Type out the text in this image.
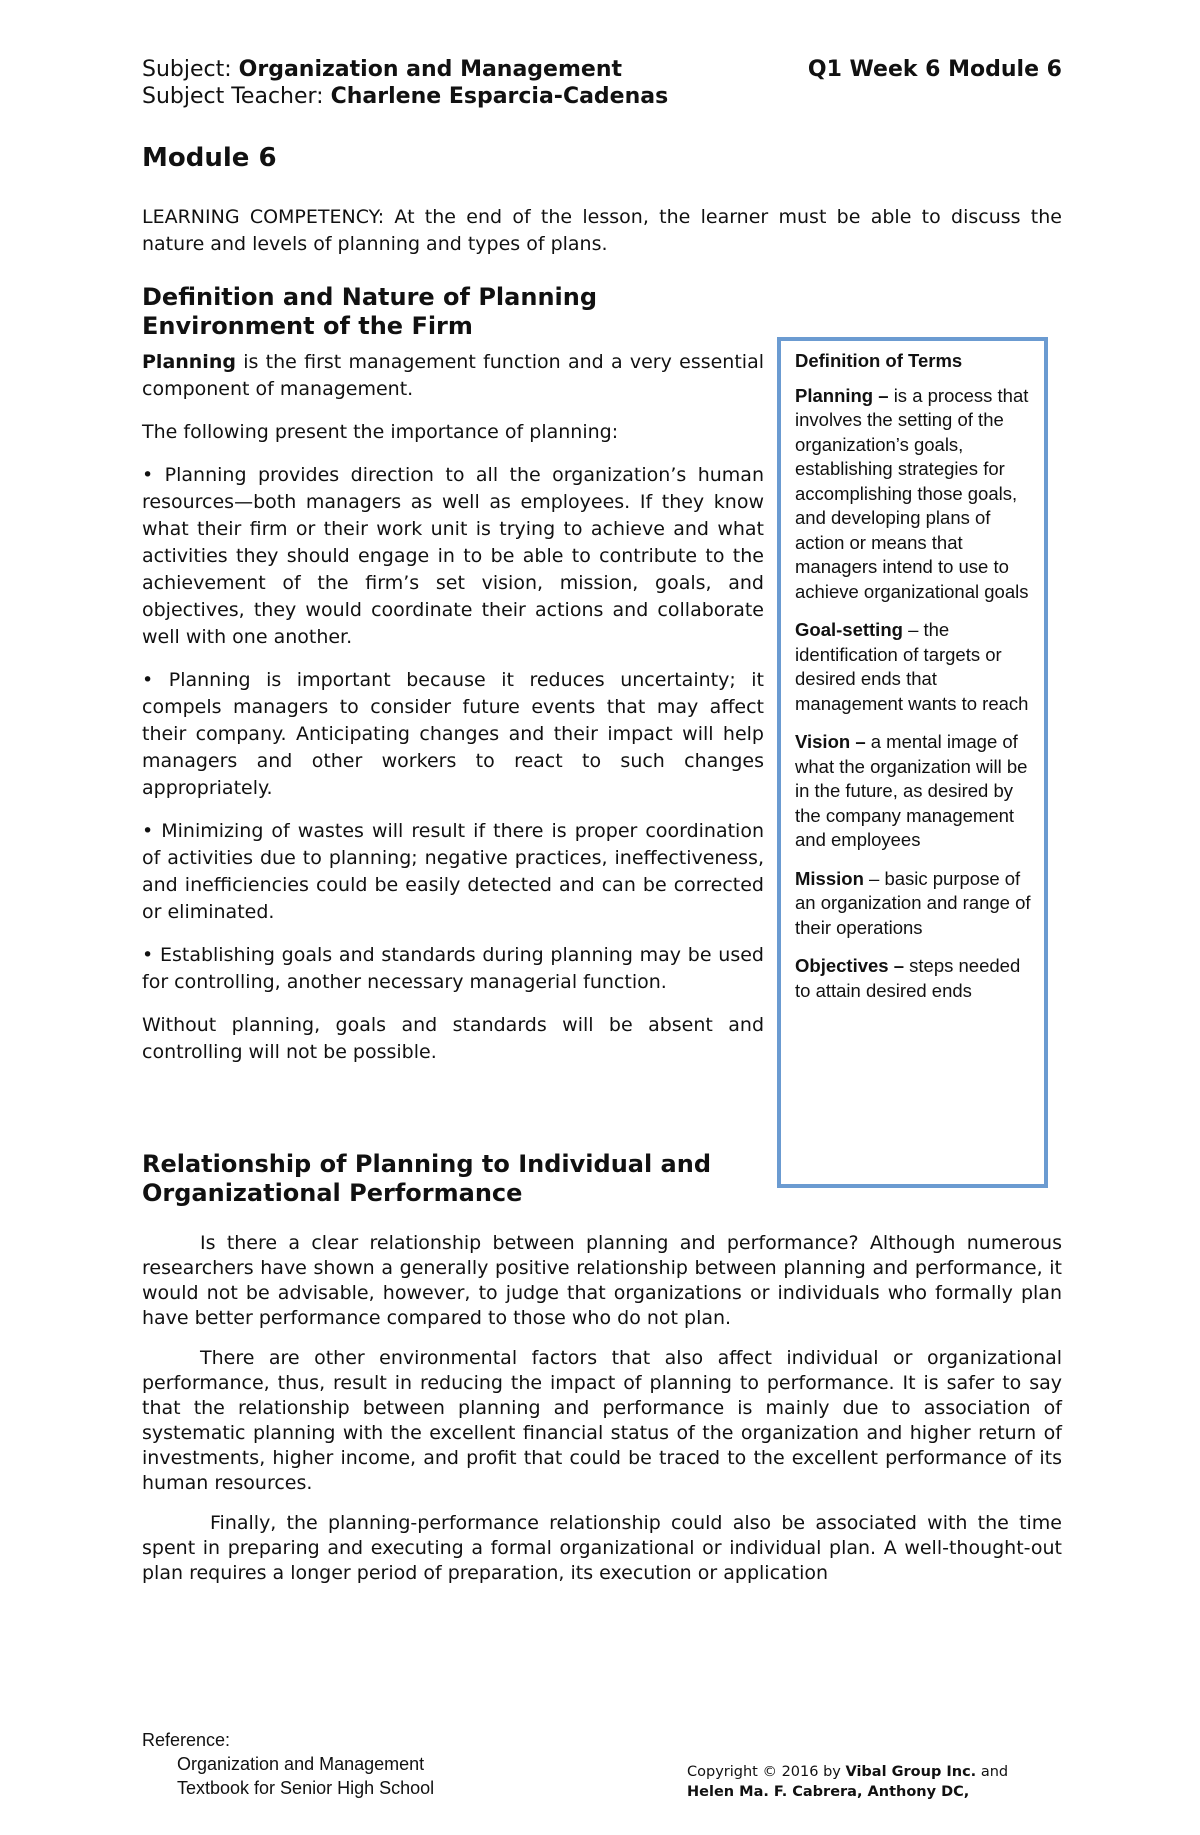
Subject: Organization and Management
Subject Teacher: Charlene Esparcia-Cadenas
Q1 Week 6 Module 6
Module 6

LEARNING COMPETENCY: At the end of the lesson, the learner must be able to discuss the nature and levels of planning and types of plans.

Definition and Nature of Planning
Environment of the Firm

Planning is the first management function and a very essential component of management.

The following present the importance of planning:

• Planning provides direction to all the organization’s human resources—both managers as well as employees. If they know what their firm or their work unit is trying to achieve and what activities they should engage in to be able to contribute to the achievement of the firm’s set vision, mission, goals, and objectives, they would coordinate their actions and collaborate well with one another.

• Planning is important because it reduces uncertainty; it compels managers to consider future events that may affect their company. Anticipating changes and their impact will help managers and other workers to react to such changes appropriately.

• Minimizing of wastes will result if there is proper coordination of activities due to planning; negative practices, ineffectiveness, and inefficiencies could be easily detected and can be corrected or eliminated.

• Establishing goals and standards during planning may be used for controlling, another necessary managerial function.

Without planning, goals and standards will be absent and controlling will not be possible.

Definition of Terms

Planning – is a process that involves the setting of the organization’s goals, establishing strategies for accomplishing those goals, and developing plans of action or means that managers intend to use to achieve organizational goals

Goal-setting – the identification of targets or desired ends that management wants to reach

Vision – a mental image of what the organization will be in the future, as desired by the company management and employees

Mission – basic purpose of an organization and range of their operations

Objectives – steps needed to attain desired ends

Relationship of Planning to Individual and
Organizational Performance

Is there a clear relationship between planning and performance? Although numerous researchers have shown a generally positive relationship between planning and performance, it would not be advisable, however, to judge that organizations or individuals who formally plan have better performance compared to those who do not plan.

There are other environmental factors that also affect individual or organizational performance, thus, result in reducing the impact of planning to performance. It is safer to say that the relationship between planning and performance is mainly due to association of systematic planning with the excellent financial status of the organization and higher return of investments, higher income, and profit that could be traced to the excellent performance of its human resources.

Finally, the planning-performance relationship could also be associated with the time spent in preparing and executing a formal organizational or individual plan. A well-thought-out plan requires a longer period of preparation, its execution or application

Reference:
Organization and Management
Textbook for Senior High School
Copyright © 2016 by Vibal Group Inc. and
Helen Ma. F. Cabrera, Anthony DC,
